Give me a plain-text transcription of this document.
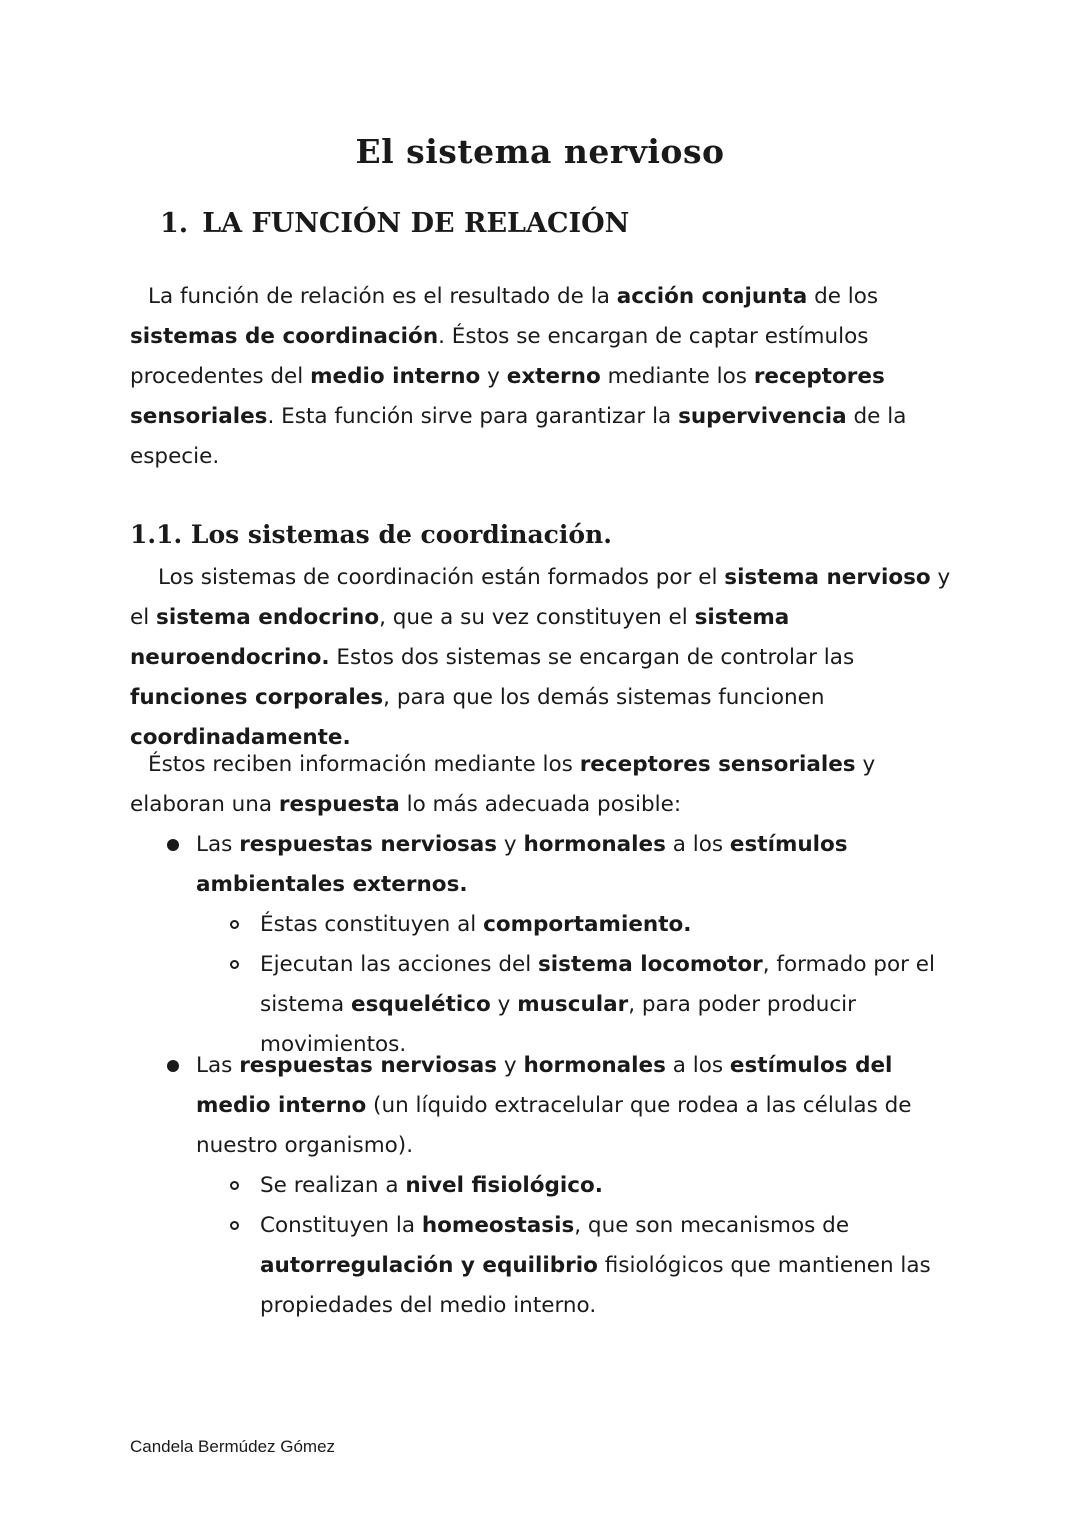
El sistema nervioso
1. LA FUNCIÓN DE RELACIÓN

La función de relación es el resultado de la acción conjunta de los sistemas de coordinación. Éstos se encargan de captar estímulos procedentes del medio interno y externo mediante los receptores sensoriales. Esta función sirve para garantizar la supervivencia de la especie.

1.1. Los sistemas de coordinación.

Los sistemas de coordinación están formados por el sistema nervioso y el sistema endocrino, que a su vez constituyen el sistema neuroendocrino. Estos dos sistemas se encargan de controlar las funciones corporales, para que los demás sistemas funcionen coordinadamente.

Éstos reciben información mediante los receptores sensoriales y elaboran una respuesta lo más adecuada posible:

Las respuestas nerviosas y hormonales a los estímulos ambientales externos.
Éstas constituyen al comportamiento.
Ejecutan las acciones del sistema locomotor, formado por el sistema esquelético y muscular, para poder producir movimientos.
Las respuestas nerviosas y hormonales a los estímulos del medio interno (un líquido extracelular que rodea a las células de nuestro organismo).
Se realizan a nivel fisiológico.
Constituyen la homeostasis, que son mecanismos de autorregulación y equilibrio fisiológicos que mantienen las propiedades del medio interno.

Candela Bermúdez Gómez
